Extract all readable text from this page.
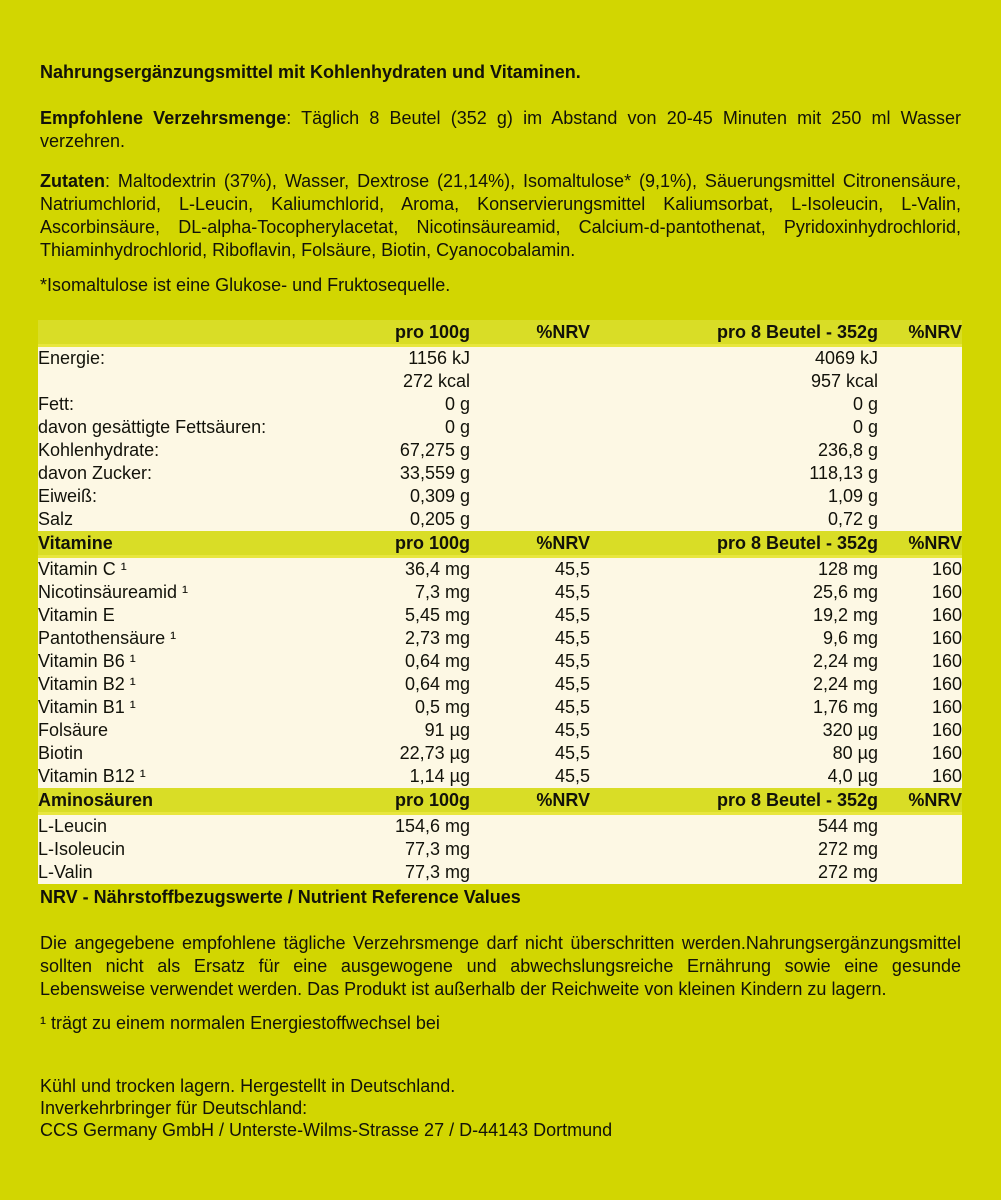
Nahrungsergänzungsmittel mit Kohlenhydraten und Vitaminen.

Empfohlene Verzehrsmenge: Täglich 8 Beutel (352 g) im Abstand von 20-45 Minuten mit 250 ml Wasser verzehren.

Zutaten: Maltodextrin (37%), Wasser, Dextrose (21,14%), Isomaltulose* (9,1%), Säuerungsmittel Citronensäure, Natriumchlorid, L-Leucin, Kaliumchlorid, Aroma, Konservierungsmittel Kaliumsorbat, L-Isoleucin, L-Valin, Ascorbinsäure, DL-alpha-Tocopherylacetat, Nicotinsäureamid, Calcium-d-pantothenat, Pyridoxinhydrochlorid, Thiaminhydrochlorid, Riboflavin, Folsäure, Biotin, Cyanocobalamin.

*Isomaltulose ist eine Glukose- und Fruktosequelle.

	pro 100g	%NRV	pro 8 Beutel - 352g	%NRV
Energie:	1156 kJ		4069 kJ	
	272 kcal		957 kcal	
Fett:	0 g		0 g	
davon gesättigte Fettsäuren:	0 g		0 g	
Kohlenhydrate:	67,275 g		236,8 g	
davon Zucker:	33,559 g		118,13 g	
Eiweiß:	0,309 g		1,09 g	
Salz	0,205 g		0,72 g	
Vitamine	pro 100g	%NRV	pro 8 Beutel - 352g	%NRV
Vitamin C ¹	36,4 mg	45,5	128 mg	160
Nicotinsäureamid ¹	7,3 mg	45,5	25,6 mg	160
Vitamin E	5,45 mg	45,5	19,2 mg	160
Pantothensäure ¹	2,73 mg	45,5	9,6 mg	160
Vitamin B6 ¹	0,64 mg	45,5	2,24 mg	160
Vitamin B2 ¹	0,64 mg	45,5	2,24 mg	160
Vitamin B1 ¹	0,5 mg	45,5	1,76 mg	160
Folsäure	91 µg	45,5	320 µg	160
Biotin	22,73 µg	45,5	80 µg	160
Vitamin B12 ¹	1,14 µg	45,5	4,0 µg	160
Aminosäuren	pro 100g	%NRV	pro 8 Beutel - 352g	%NRV
L-Leucin	154,6 mg		544 mg	
L-Isoleucin	77,3 mg		272 mg	
L-Valin	77,3 mg		272 mg	

NRV - Nährstoffbezugswerte / Nutrient Reference Values

Die angegebene empfohlene tägliche Verzehrsmenge darf nicht überschritten werden.Nahrungsergänzungsmittel sollten nicht als Ersatz für eine ausgewogene und abwechslungsreiche Ernährung sowie eine gesunde Lebensweise verwendet werden. Das Produkt ist außerhalb der Reichweite von kleinen Kindern zu lagern.

¹ trägt zu einem normalen Energiestoffwechsel bei

Kühl und trocken lagern. Hergestellt in Deutschland.

Inverkehrbringer für Deutschland:

CCS Germany GmbH / Unterste-Wilms-Strasse 27 / D-44143 Dortmund
